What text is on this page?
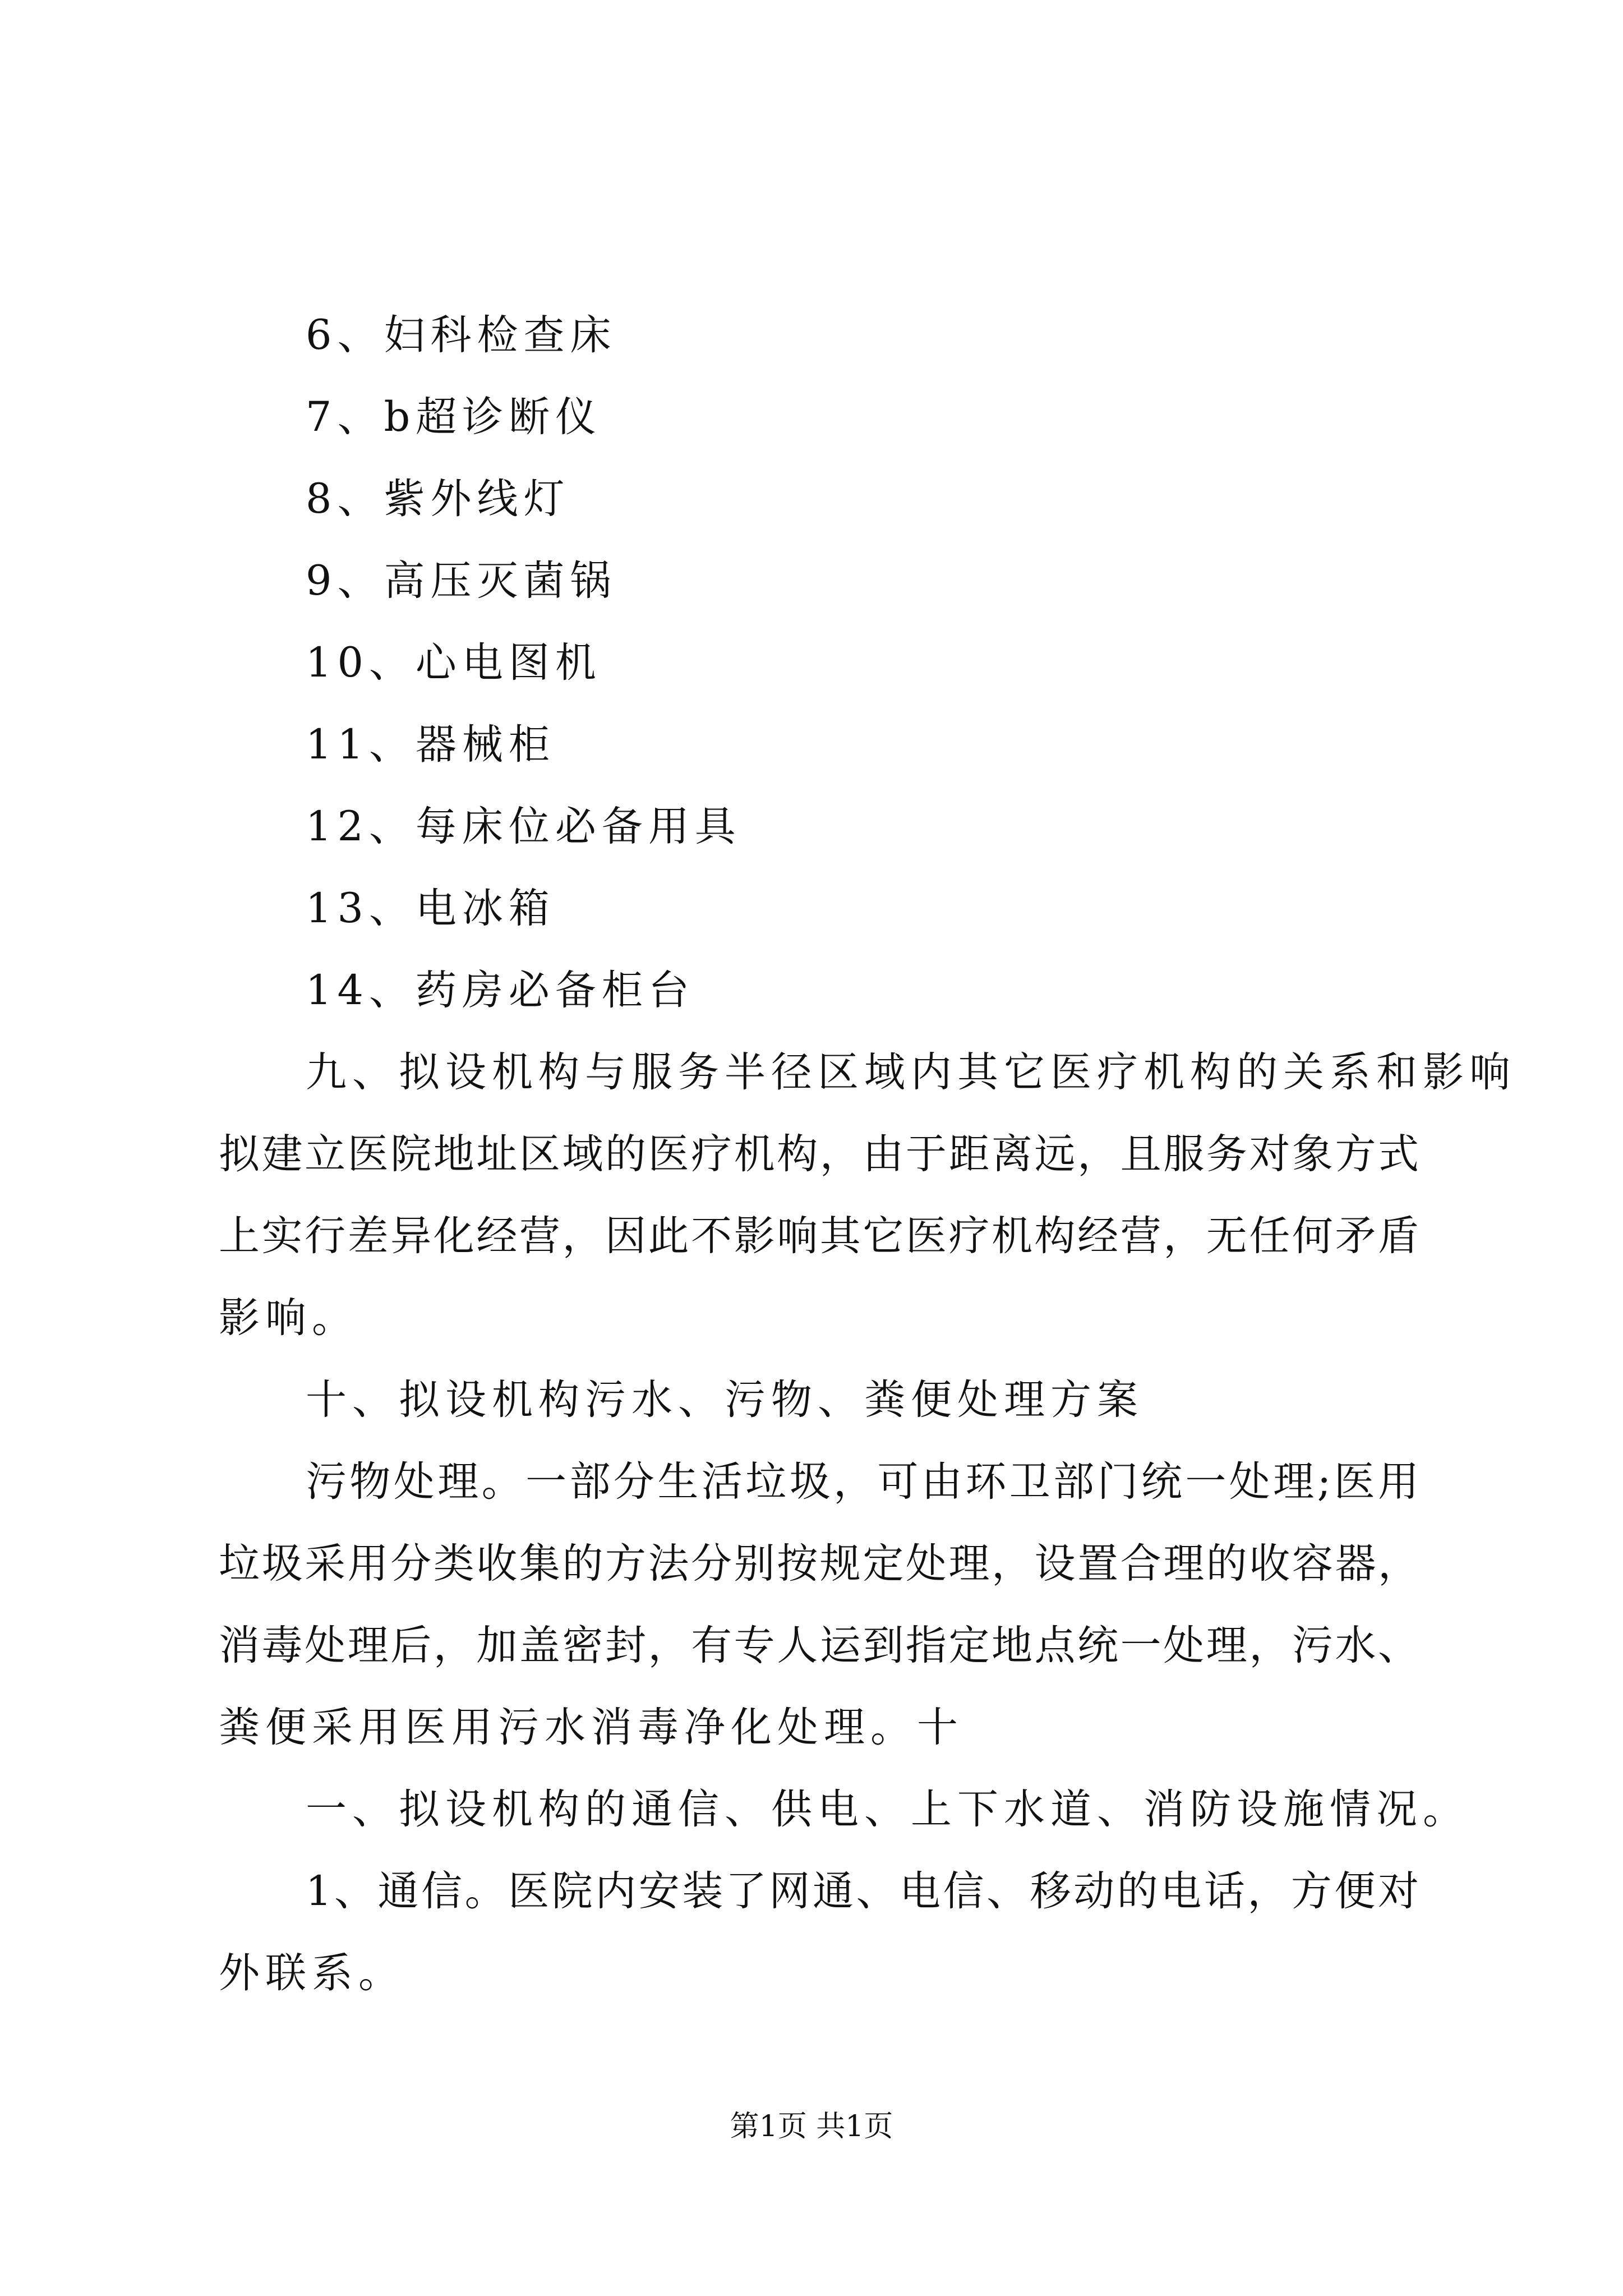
6、妇科检查床
7、b超诊断仪
8、紫外线灯
9、高压灭菌锅
10、心电图机
11、器械柜
12、每床位必备用具
13、电冰箱
14、药房必备柜台
九、拟设机构与服务半径区域内其它医疗机构的关系和影响
拟建立医院地址区域的医疗机构，由于距离远，且服务对象方式
上实行差异化经营，因此不影响其它医疗机构经营，无任何矛盾
影响。
十、拟设机构污水、污物、粪便处理方案
污物处理。一部分生活垃圾，可由环卫部门统一处理;医用
垃圾采用分类收集的方法分别按规定处理，设置合理的收容器，
消毒处理后，加盖密封，有专人运到指定地点统一处理，污水、
粪便采用医用污水消毒净化处理。十
一、拟设机构的通信、供电、上下水道、消防设施情况。
1、通信。医院内安装了网通、电信、移动的电话，方便对
外联系。
第1页 共1页
